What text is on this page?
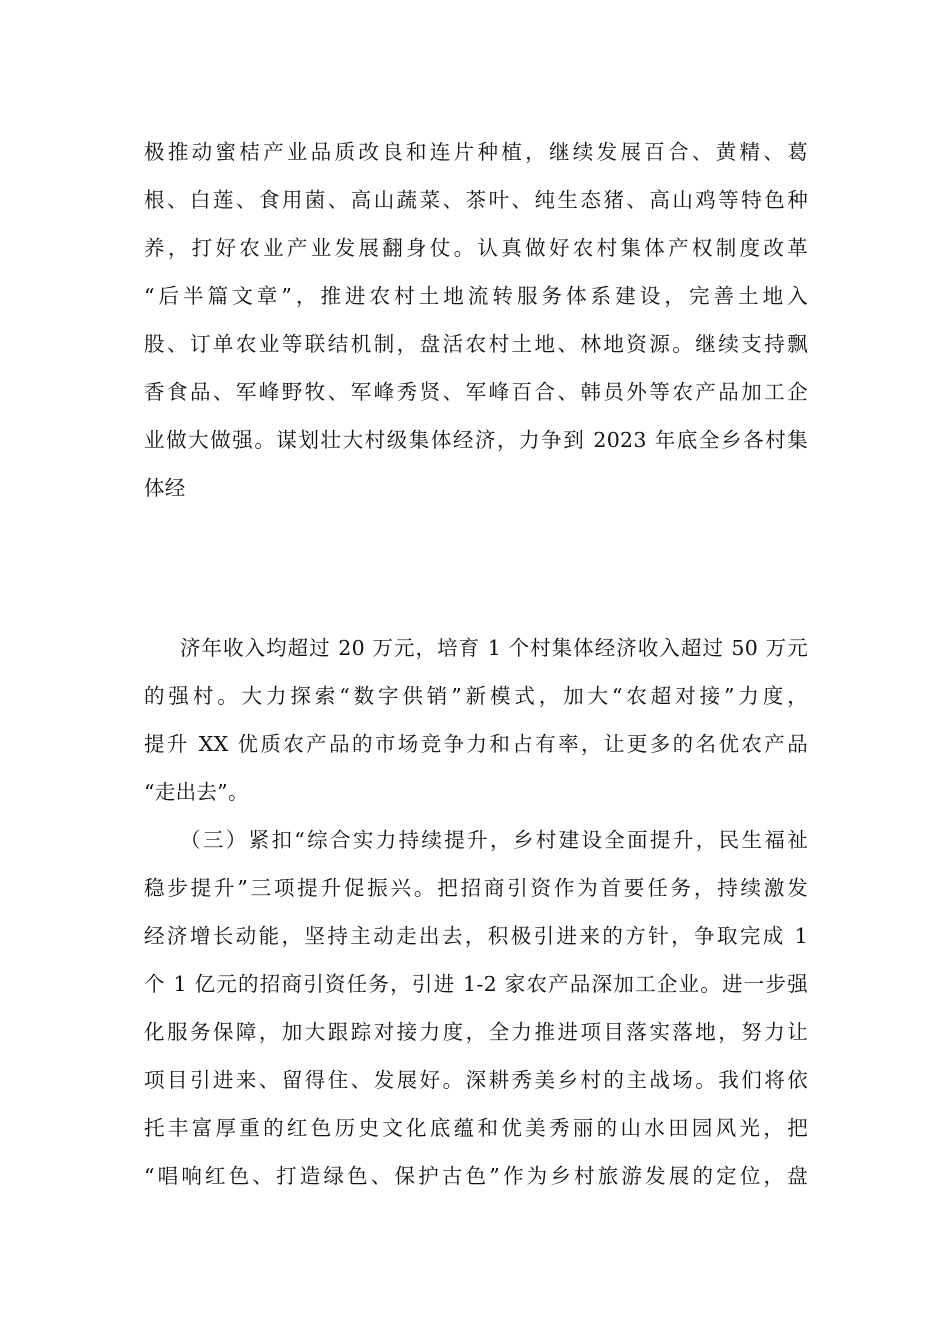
极推动蜜桔产业品质改良和连片种植，继续发展百合、黄精、葛
根、白莲、食用菌、高山蔬菜、茶叶、纯生态猪、高山鸡等特色种
养，打好农业产业发展翻身仗。认真做好农村集体产权制度改革
“后半篇文章”，推进农村土地流转服务体系建设，完善土地入
股、订单农业等联结机制，盘活农村土地、林地资源。继续支持飘
香食品、军峰野牧、军峰秀贤、军峰百合、韩员外等农产品加工企
业做大做强。谋划壮大村级集体经济，力争到 2023 年底全乡各村集
体经
济年收入均超过 20 万元，培育 1 个村集体经济收入超过 50 万元
的强村。大力探索“数字供销”新模式，加大“农超对接”力度，
提升 XX 优质农产品的市场竞争力和占有率，让更多的名优农产品
“走出去”。
（三）紧扣“综合实力持续提升，乡村建设全面提升，民生福祉
稳步提升”三项提升促振兴。把招商引资作为首要任务，持续激发
经济增长动能，坚持主动走出去，积极引进来的方针，争取完成 1
个 1 亿元的招商引资任务，引进 1-2 家农产品深加工企业。进一步强
化服务保障，加大跟踪对接力度，全力推进项目落实落地，努力让
项目引进来、留得住、发展好。深耕秀美乡村的主战场。我们将依
托丰富厚重的红色历史文化底蕴和优美秀丽的山水田园风光，把
“唱响红色、打造绿色、保护古色”作为乡村旅游发展的定位，盘
